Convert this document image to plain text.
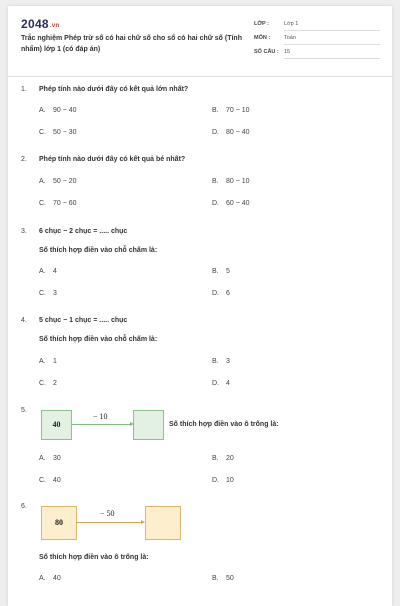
2048.vn
Trắc nghiệm Phép trừ số có hai chữ số cho số có hai chữ số (Tính nhẩm) lớp 1 (có đáp án)
LỚP :	Lớp 1
MÔN :	Toán
SỐ CÂU : 15
1. Phép tính nào dưới đây có kết quả lớn nhất?
A. 90 − 40	B. 70 − 10
C. 50 − 30	D. 80 − 40
2. Phép tính nào dưới đây có kết quả bé nhất?
A. 50 − 20	B. 80 − 10
C. 70 − 60	D. 60 − 40
3. 6 chục − 2 chục = ..... chục
Số thích hợp điền vào chỗ chấm là:
A. 4	B. 5
C. 3	D. 6
4. 5 chục − 1 chục = ..... chục
Số thích hợp điền vào chỗ chấm là:
A. 1	B. 3
C. 2	D. 4
5.
40
− 10
Số thích hợp điền vào ô trống là:
A. 30	B. 20
C. 40	D. 10
6.
80
− 50
Số thích hợp điền vào ô trống là:
A. 40	B. 50
